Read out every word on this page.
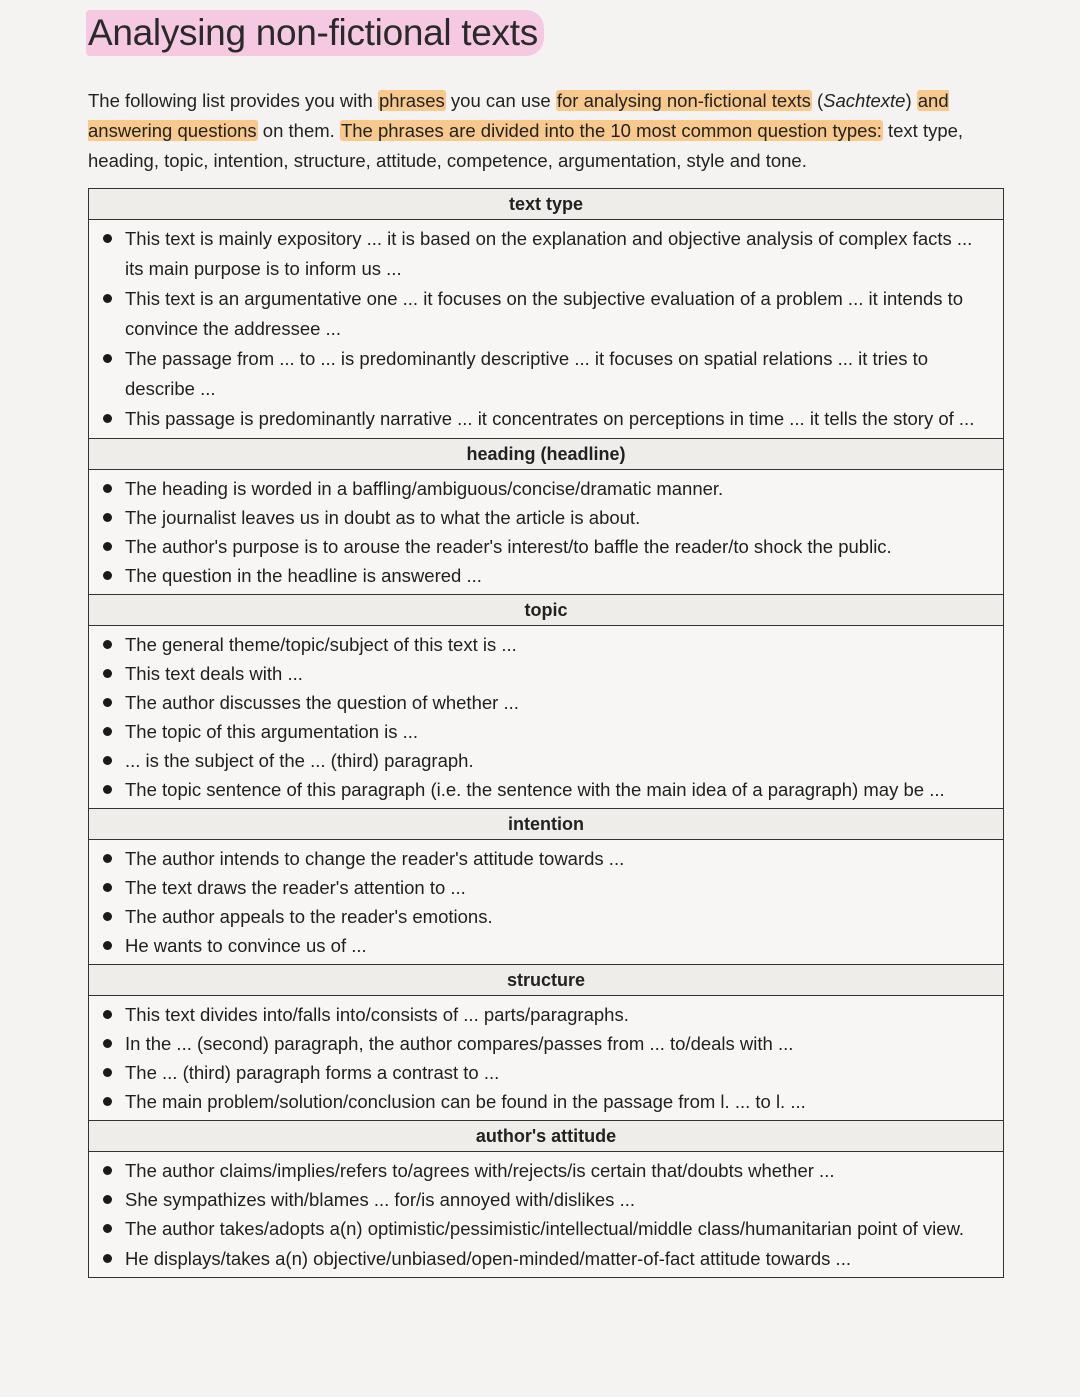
Analysing non-fictional texts
The following list provides you with phrases you can use for analysing non-fictional texts (Sachtexte) and answering questions on them. The phrases are divided into the 10 most common question types: text type, heading, topic, intention, structure, attitude, competence, argumentation, style and tone.
text type
This text is mainly expository ... it is based on the explanation and objective analysis of complex facts ... its main purpose is to inform us ...
This text is an argumentative one ... it focuses on the subjective evaluation of a problem ... it intends to convince the addressee ...
The passage from ... to ... is predominantly descriptive ... it focuses on spatial relations ... it tries to describe ...
This passage is predominantly narrative ... it concentrates on perceptions in time ... it tells the story of ...
heading (headline)
The heading is worded in a baffling/ambiguous/concise/dramatic manner.
The journalist leaves us in doubt as to what the article is about.
The author's purpose is to arouse the reader's interest/to baffle the reader/to shock the public.
The question in the headline is answered ...
topic
The general theme/topic/subject of this text is ...
This text deals with ...
The author discusses the question of whether ...
The topic of this argumentation is ...
... is the subject of the ... (third) paragraph.
The topic sentence of this paragraph (i.e. the sentence with the main idea of a paragraph) may be ...
intention
The author intends to change the reader's attitude towards ...
The text draws the reader's attention to ...
The author appeals to the reader's emotions.
He wants to convince us of ...
structure
This text divides into/falls into/consists of ... parts/paragraphs.
In the ... (second) paragraph, the author compares/passes from ... to/deals with ...
The ... (third) paragraph forms a contrast to ...
The main problem/solution/conclusion can be found in the passage from l. ... to l. ...
author's attitude
The author claims/implies/refers to/agrees with/rejects/is certain that/doubts whether ...
She sympathizes with/blames ... for/is annoyed with/dislikes ...
The author takes/adopts a(n) optimistic/pessimistic/intellectual/middle class/humanitarian point of view.
He displays/takes a(n) objective/unbiased/open-minded/matter-of-fact attitude towards ...
